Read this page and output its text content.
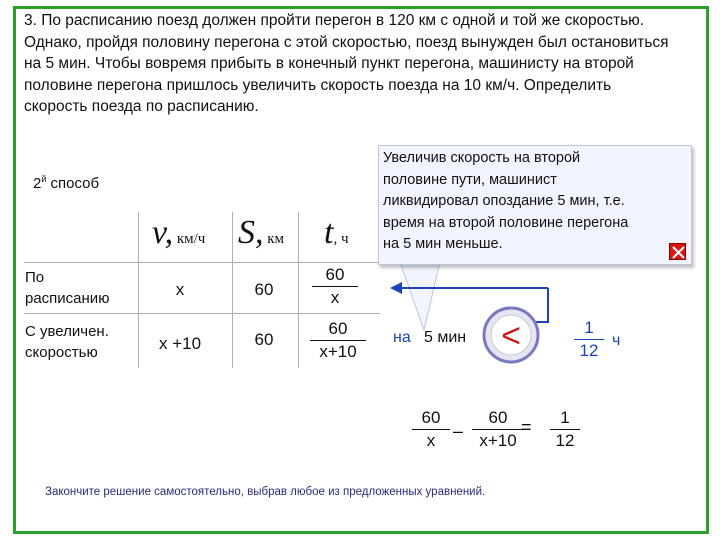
3. По расписанию поезд должен пройти перегон в 120 км с одной и той же скоростью.
Однако, пройдя половину перегона с этой скоростью, поезд вынужден был остановиться
на 5 мин. Чтобы вовремя прибыть в конечный пункт перегона, машинисту на второй
половине перегона пришлось увеличить скорость поезда на 10 км/ч. Определить
скорость поезда по расписанию.
$2^й$ способ
v, км/ч S, км t, ч
По
расписанию	x	60
60
x
С увеличен.
скоростью	x +10	60
60
x+10
Увеличив скорость на второй
половине пути, машинист
ликвидировал опоздание 5 мин, т.е.
время на второй половине перегона
на 5 мин меньше.
на 5 мин <	1
12
ч
60
x –
60
x+10
=	1
12
Закончите решение самостоятельно, выбрав любое из предложенных уравнений.
